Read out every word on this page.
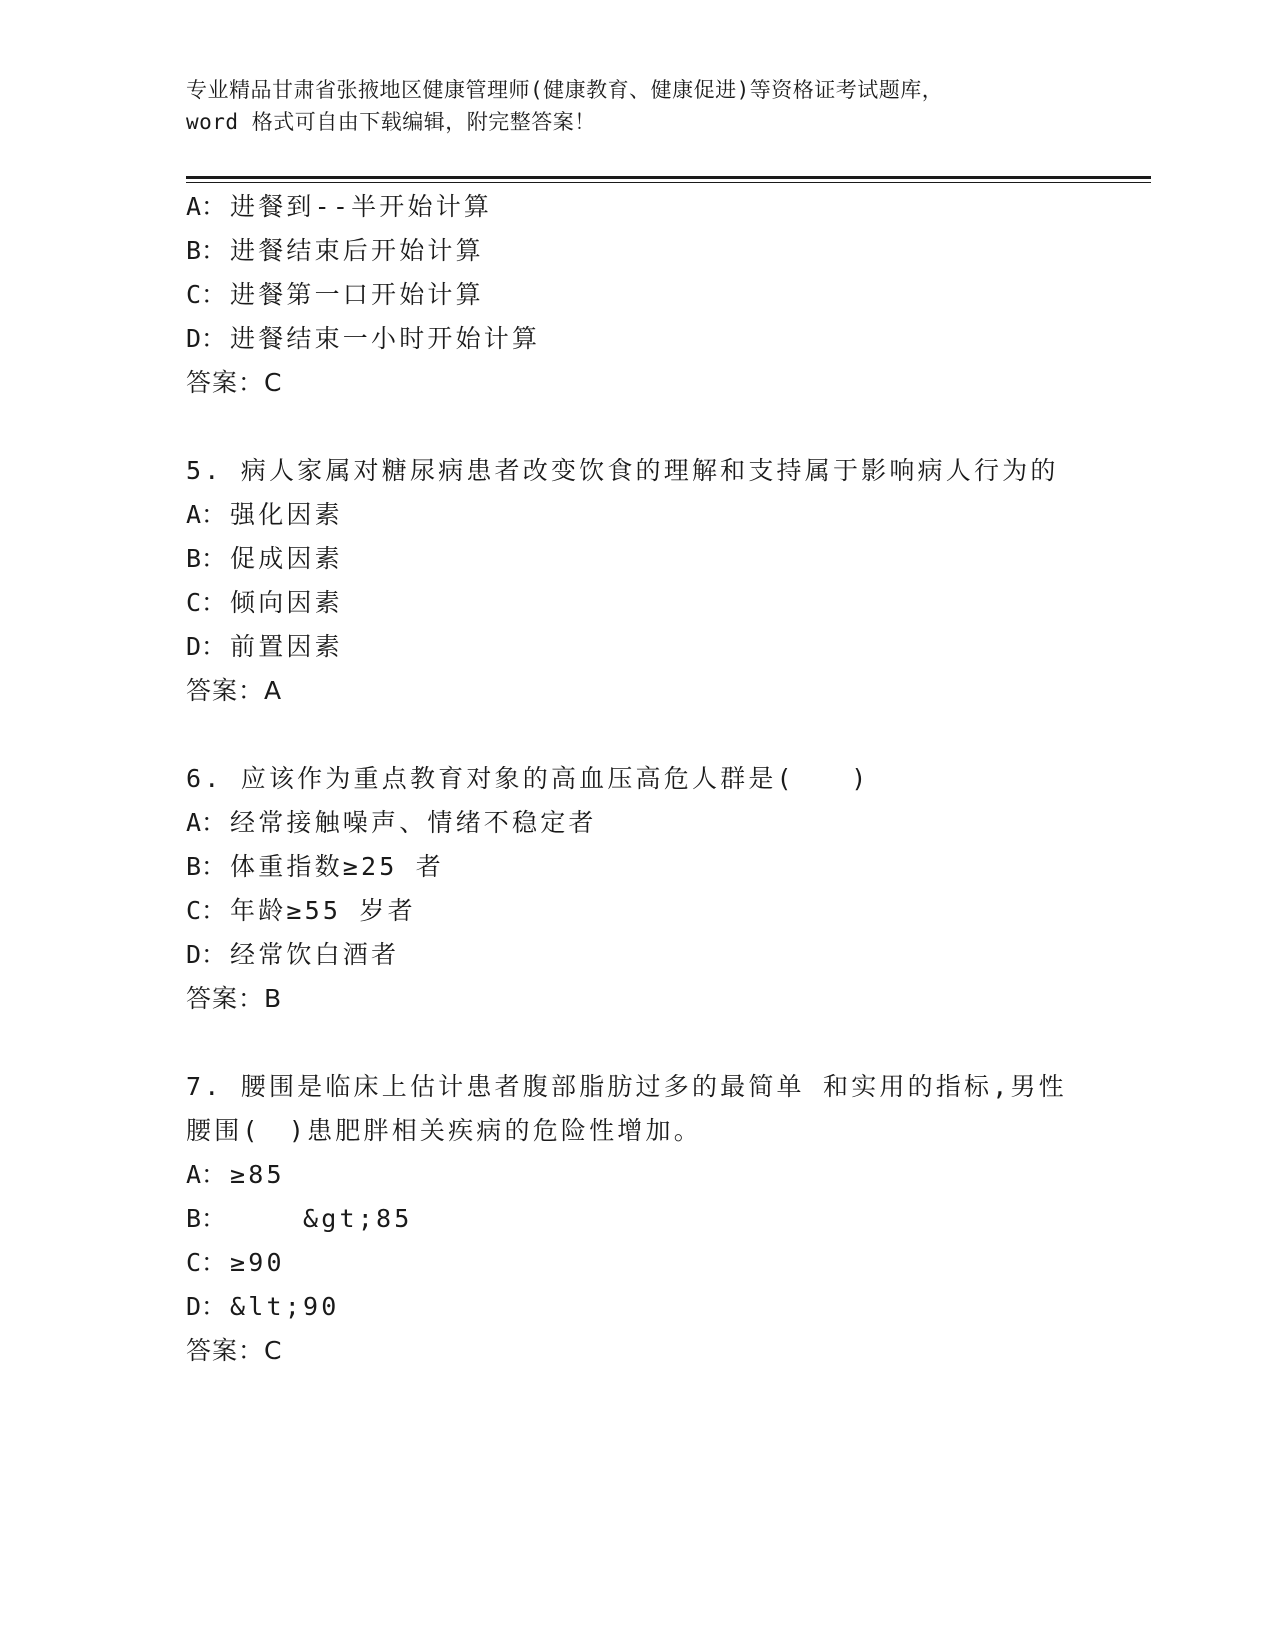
专业精品甘肃省张掖地区健康管理师(健康教育、健康促进)等资格证考试题库，
word 格式可自由下载编辑，附完整答案！
A： 进餐到--半开始计算
B： 进餐结束后开始计算
C： 进餐第一口开始计算
D： 进餐结束一小时开始计算
答案：C
5. 病人家属对糖尿病患者改变饮食的理解和支持属于影响病人行为的
A： 强化因素
B： 促成因素
C： 倾向因素
D： 前置因素
答案：A
6. 应该作为重点教育对象的高血压高危人群是(　　)
A： 经常接触噪声、情绪不稳定者
B： 体重指数≥25 者
C： 年龄≥55 岁者
D： 经常饮白酒者
答案：B
7. 腰围是临床上估计患者腹部脂肪过多的最简单 和实用的指标,男性
腰围(　)患肥胖相关疾病的危险性增加。
A： ≥85
B：    &gt;85
C： ≥90
D： &lt;90
答案：C
